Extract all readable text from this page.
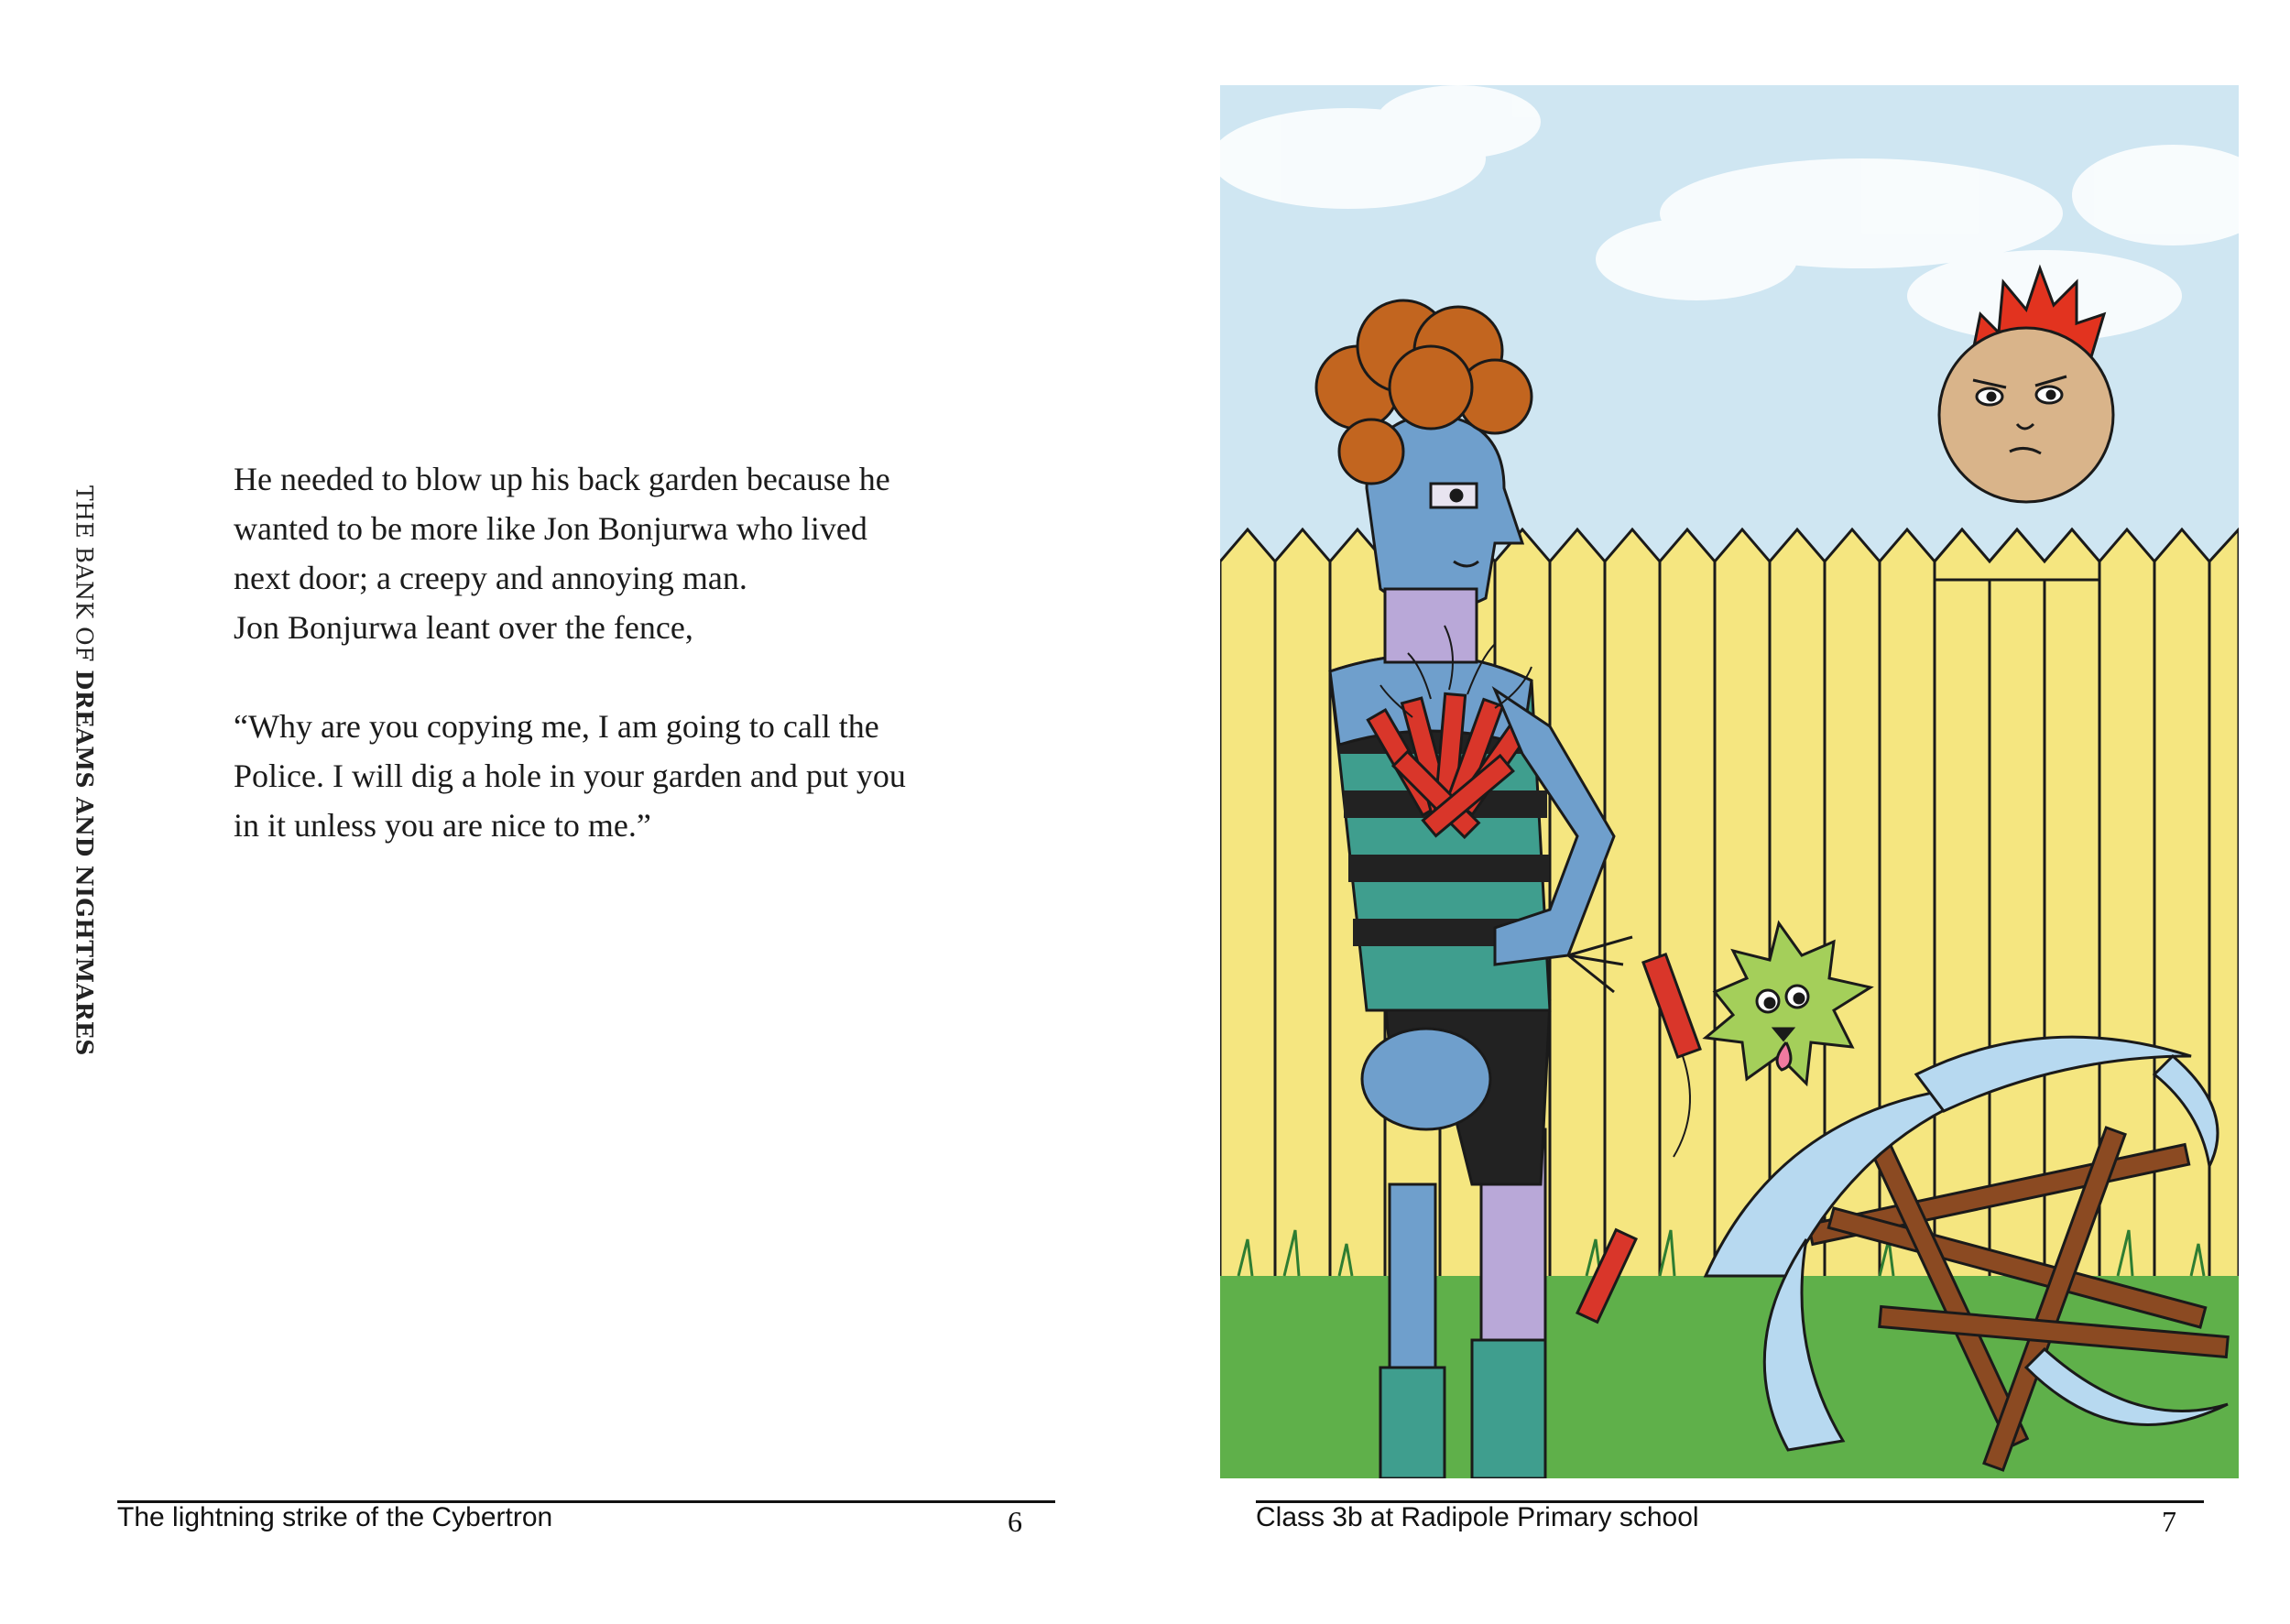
THE BANK OF DREAMS AND NIGHTMARES

He needed to blow up his back garden because he
wanted to be more like Jon Bonjurwa who lived
next door; a creepy and annoying man.
Jon Bonjurwa leant over the fence,

“Why are you copying me, I am going to call the
Police. I will dig a hole in your garden and put you
in it unless you are nice to me.”

The lightning strike of the Cybertron	6	Class 3b at Radipole Primary school	7
